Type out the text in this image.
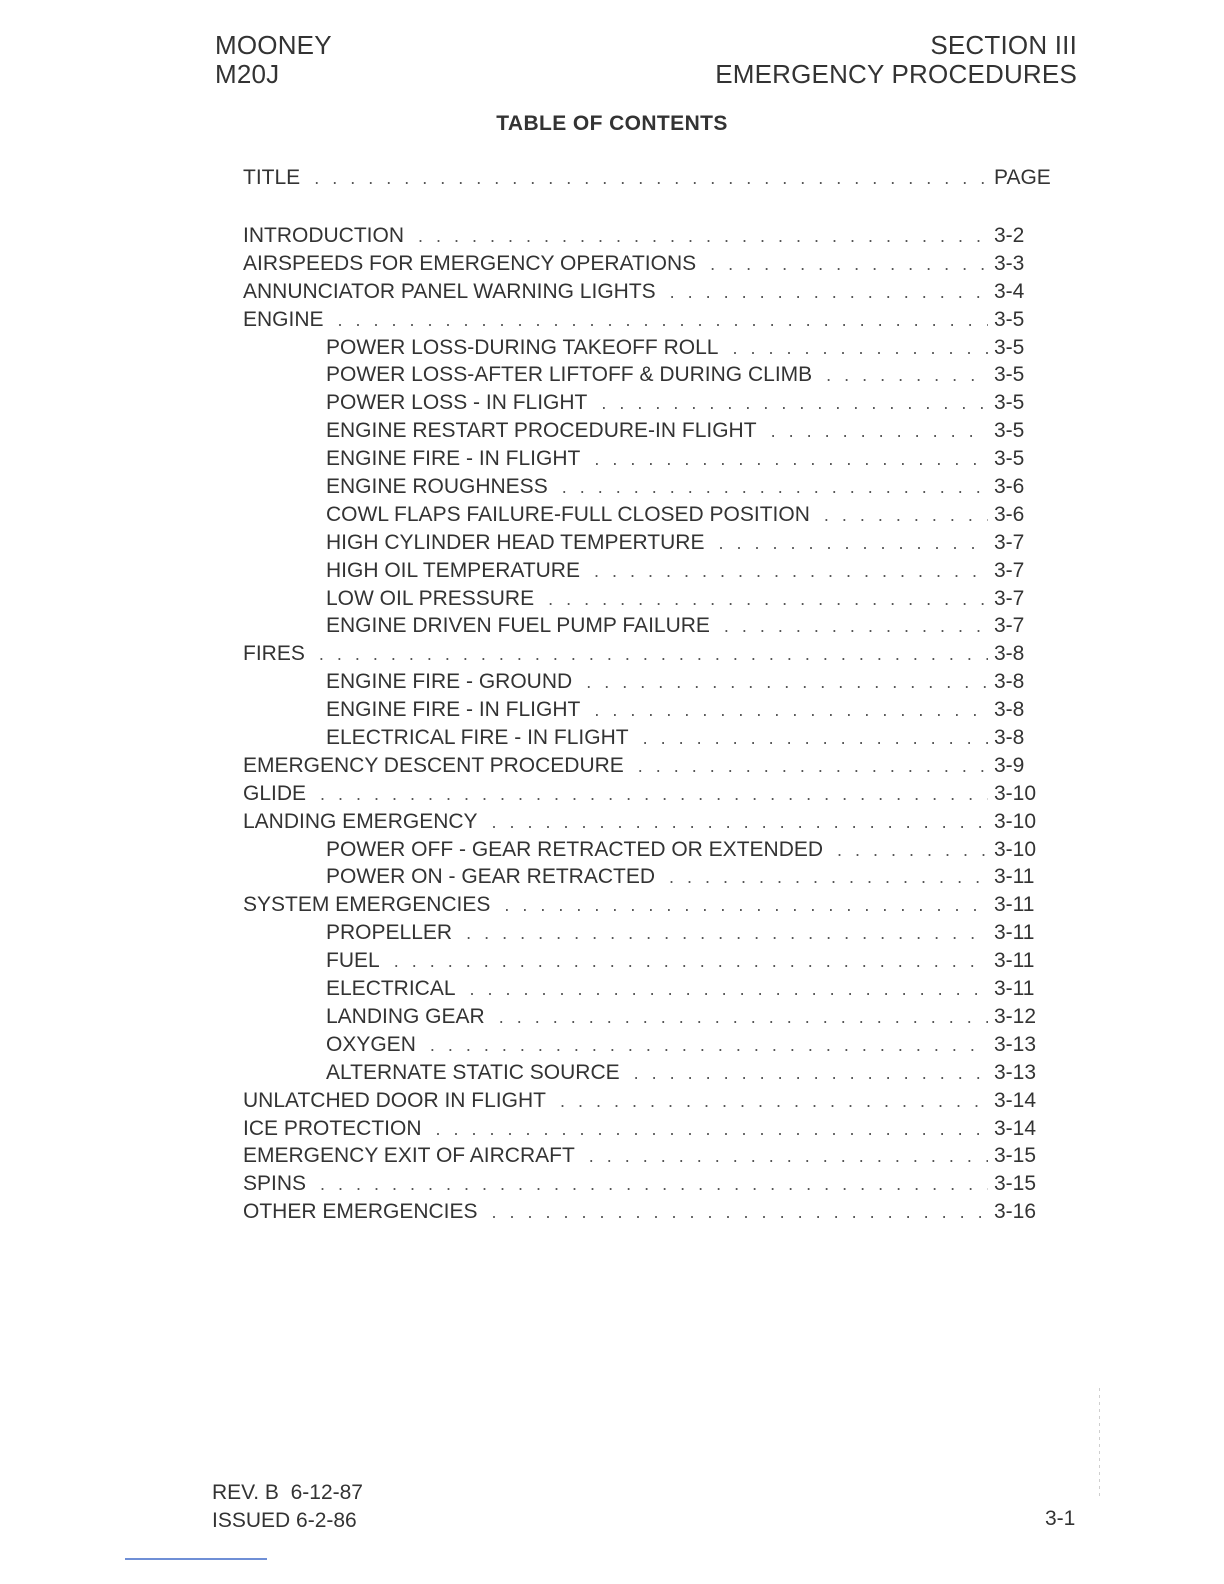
MOONEY
M20J
SECTION III
EMERGENCY PROCEDURES
TABLE OF CONTENTS
TITLE . . .	PAGE
INTRODUCTION . . .	3-2
AIRSPEEDS FOR EMERGENCY OPERATIONS . . .	3-3
ANNUNCIATOR PANEL WARNING LIGHTS . . .	3-4
ENGINE . . .	3-5
POWER LOSS-DURING TAKEOFF ROLL . . .	3-5
POWER LOSS-AFTER LIFTOFF & DURING CLIMB . . .	3-5
POWER LOSS - IN FLIGHT . . .	3-5
ENGINE RESTART PROCEDURE-IN FLIGHT . . .	3-5
ENGINE FIRE - IN FLIGHT . . .	3-5
ENGINE ROUGHNESS . . .	3-6
COWL FLAPS FAILURE-FULL CLOSED POSITION . . .	3-6
HIGH CYLINDER HEAD TEMPERTURE . . .	3-7
HIGH OIL TEMPERATURE . . .	3-7
LOW OIL PRESSURE . . .	3-7
ENGINE DRIVEN FUEL PUMP FAILURE . . .	3-7
FIRES . . .	3-8
ENGINE FIRE - GROUND . . .	3-8
ENGINE FIRE - IN FLIGHT . . .	3-8
ELECTRICAL FIRE - IN FLIGHT . . .	3-8
EMERGENCY DESCENT PROCEDURE . . .	3-9
GLIDE . . .	3-10
LANDING EMERGENCY . . .	3-10
POWER OFF - GEAR RETRACTED OR EXTENDED . . .	3-10
POWER ON - GEAR RETRACTED . . .	3-11
SYSTEM EMERGENCIES . . .	3-11
PROPELLER . . .	3-11
FUEL . . .	3-11
ELECTRICAL . . .	3-11
LANDING GEAR . . .	3-12
OXYGEN . . .	3-13
ALTERNATE STATIC SOURCE . . .	3-13
UNLATCHED DOOR IN FLIGHT . . .	3-14
ICE PROTECTION . . .	3-14
EMERGENCY EXIT OF AIRCRAFT . . .	3-15
SPINS . . .	3-15
OTHER EMERGENCIES . . .	3-16
REV. B  6-12-87
ISSUED 6-2-86	3-1
